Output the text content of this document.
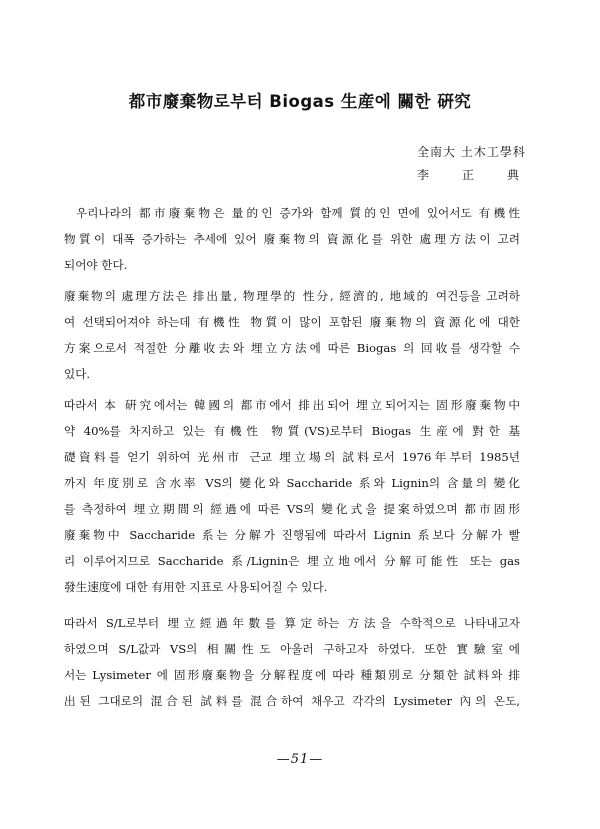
都市廢棄物로부터 Biogas 生産에 關한 硏究
全南大 土木工學科
李	正	典
우리나라의 都市廢棄物은 量的인 증가와 함께 質的인 면에 있어서도 有機性
物質이 대폭 증가하는 추세에 있어 廢棄物의 資源化를 위한 處理方法이 고려
되어야 한다.
廢棄物의 處理方法은 排出量, 物理學的 性分, 經濟的, 地域的 여건등을 고려하
여 선택되어져야 하는데 有機性 物質이 많이 포함된 廢棄物의 資源化에 대한
方案으로서 적절한 分離收去와 埋立方法에 따른 Biogas 의 回收를 생각할 수
있다.
따라서 本 硏究에서는 韓國의 都市에서 排出되어 埋立되어지는 固形廢棄物中
약 40%를 차지하고 있는 有機性 物質(VS)로부터 Biogas 生産에 對한 基
礎資料를 얻기 위하여 光州市 근교 埋立場의 試料로서 1976年부터 1985년
까지 年度別로 含水率 VS의 變化와 Saccharide 系와 Lignin의 含量의 變化
를 측정하여 埋立期間의 經過에 따른 VS의 變化式을 提案하였으며 都市固形
廢棄物中 Saccharide 系는 分解가 진행됨에 따라서 Lignin 系보다 分解가 빨
리 이루어지므로 Saccharide 系/Lignin은 埋立地에서 分解可能性 또는 gas
發生速度에 대한 有用한 지표로 사용되어질 수 있다.
따라서 S/L로부터 埋立經過年數를 算定하는 方法을 수학적으로 나타내고자
하였으며 S/L값과 VS의 相關性도 아울러 구하고자 하였다. 또한 實驗室에
서는 Lysimeter 에 固形廢棄物을 分解程度에 따라 種類別로 分類한 試料와 排
出된 그대로의 混合된 試料를 混合하여 채우고 각각의 Lysimeter 內의 온도,
—51—
